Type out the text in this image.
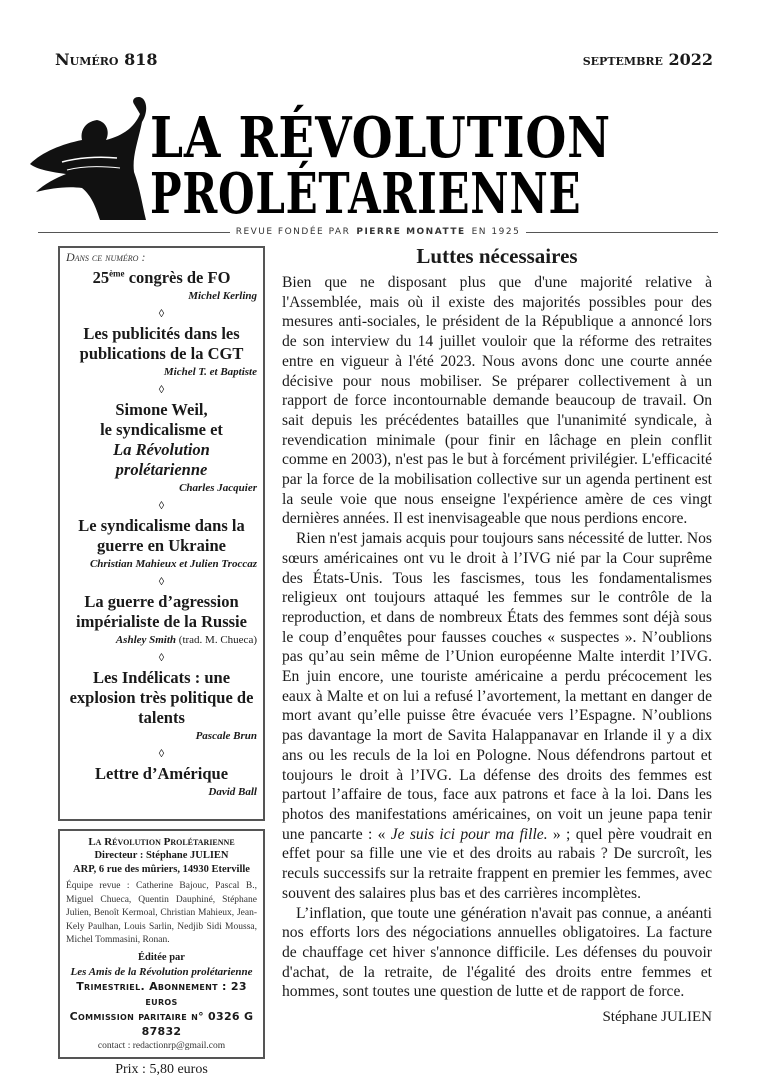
Numéro 818	septembre 2022
LA RÉVOLUTION
PROLÉTARIENNE
REVUE FONDÉE PAR PIERRE MONATTE EN 1925
Dans ce numéro :
25ème congrès de FO
Michel Kerling
◊
Les publicités dans les publications de la CGT
Michel T. et Baptiste
◊
Simone Weil,
le syndicalisme et
La Révolution prolétarienne
Charles Jacquier
◊
Le syndicalisme dans la guerre en Ukraine
Christian Mahieux et Julien Troccaz
◊
La guerre d’agression impérialiste de la Russie
Ashley Smith (trad. M. Chueca)
◊
Les Indélicats : une explosion très politique de talents
Pascale Brun
◊
Lettre d’Amérique
David Ball
La Révolution Prolétarienne
Directeur : Stéphane JULIEN
ARP, 6 rue des mûriers, 14930 Eterville
Équipe revue : Catherine Bajouc, Pascal B., Miguel Chueca, Quentin Dauphiné, Stéphane Julien, Benoît Kermoal, Christian Mahieux, Jean-Kely Paulhan, Louis Sarlin, Nedjib Sidi Moussa, Michel Tommasini, Ronan.
Éditée par
Les Amis de la Révolution prolétarienne
Trimestriel. Abonnement : 23 euros
Commission paritaire n° 0326 G 87832
contact : redactionrp@gmail.com
Prix : 5,80 euros
Luttes nécessaires

Bien que ne disposant plus que d'une majorité relative à l'Assemblée, mais où il existe des majorités possibles pour des mesures anti-sociales, le président de la République a annoncé lors de son interview du 14 juillet vouloir que la réforme des retraites entre en vigueur à l'été 2023. Nous avons donc une courte année décisive pour nous mobiliser. Se préparer collectivement à un rapport de force incontournable demande beaucoup de travail. On sait depuis les précédentes batailles que l'unanimité syndicale, à revendication minimale (pour finir en lâchage en plein conflit comme en 2003), n'est pas le but à forcément privilégier. L'efficacité par la force de la mobilisation collective sur un agenda pertinent est la seule voie que nous enseigne l'expérience amère de ces vingt dernières années. Il est inenvisageable que nous perdions encore.

Rien n'est jamais acquis pour toujours sans nécessité de lutter. Nos sœurs américaines ont vu le droit à l’IVG nié par la Cour suprême des États-Unis. Tous les fascismes, tous les fondamentalismes religieux ont toujours attaqué les femmes sur le contrôle de la reproduction, et dans de nombreux États des femmes sont déjà sous le coup d’enquêtes pour fausses couches « suspectes ». N’oublions pas qu’au sein même de l’Union européenne Malte interdit l’IVG. En juin encore, une touriste américaine a perdu précocement les eaux à Malte et on lui a refusé l’avortement, la mettant en danger de mort avant qu’elle puisse être évacuée vers l’Espagne. N’oublions pas davantage la mort de Savita Halappanavar en Irlande il y a dix ans ou les reculs de la loi en Pologne. Nous défendrons partout et toujours le droit à l’IVG. La défense des droits des femmes est partout l’affaire de tous, face aux patrons et face à la loi. Dans les photos des manifestations américaines, on voit un jeune papa tenir une pancarte : « Je suis ici pour ma fille. » ; quel père voudrait en effet pour sa fille une vie et des droits au rabais ? De surcroît, les reculs successifs sur la retraite frappent en premier les femmes, avec souvent des salaires plus bas et des carrières incomplètes.

L’inflation, que toute une génération n'avait pas connue, a anéanti nos efforts lors des négociations annuelles obligatoires. La facture de chauffage cet hiver s'annonce difficile. Les défenses du pouvoir d'achat, de la retraite, de l'égalité des droits entre femmes et hommes, sont toutes une question de lutte et de rapport de force.

Stéphane JULIEN
